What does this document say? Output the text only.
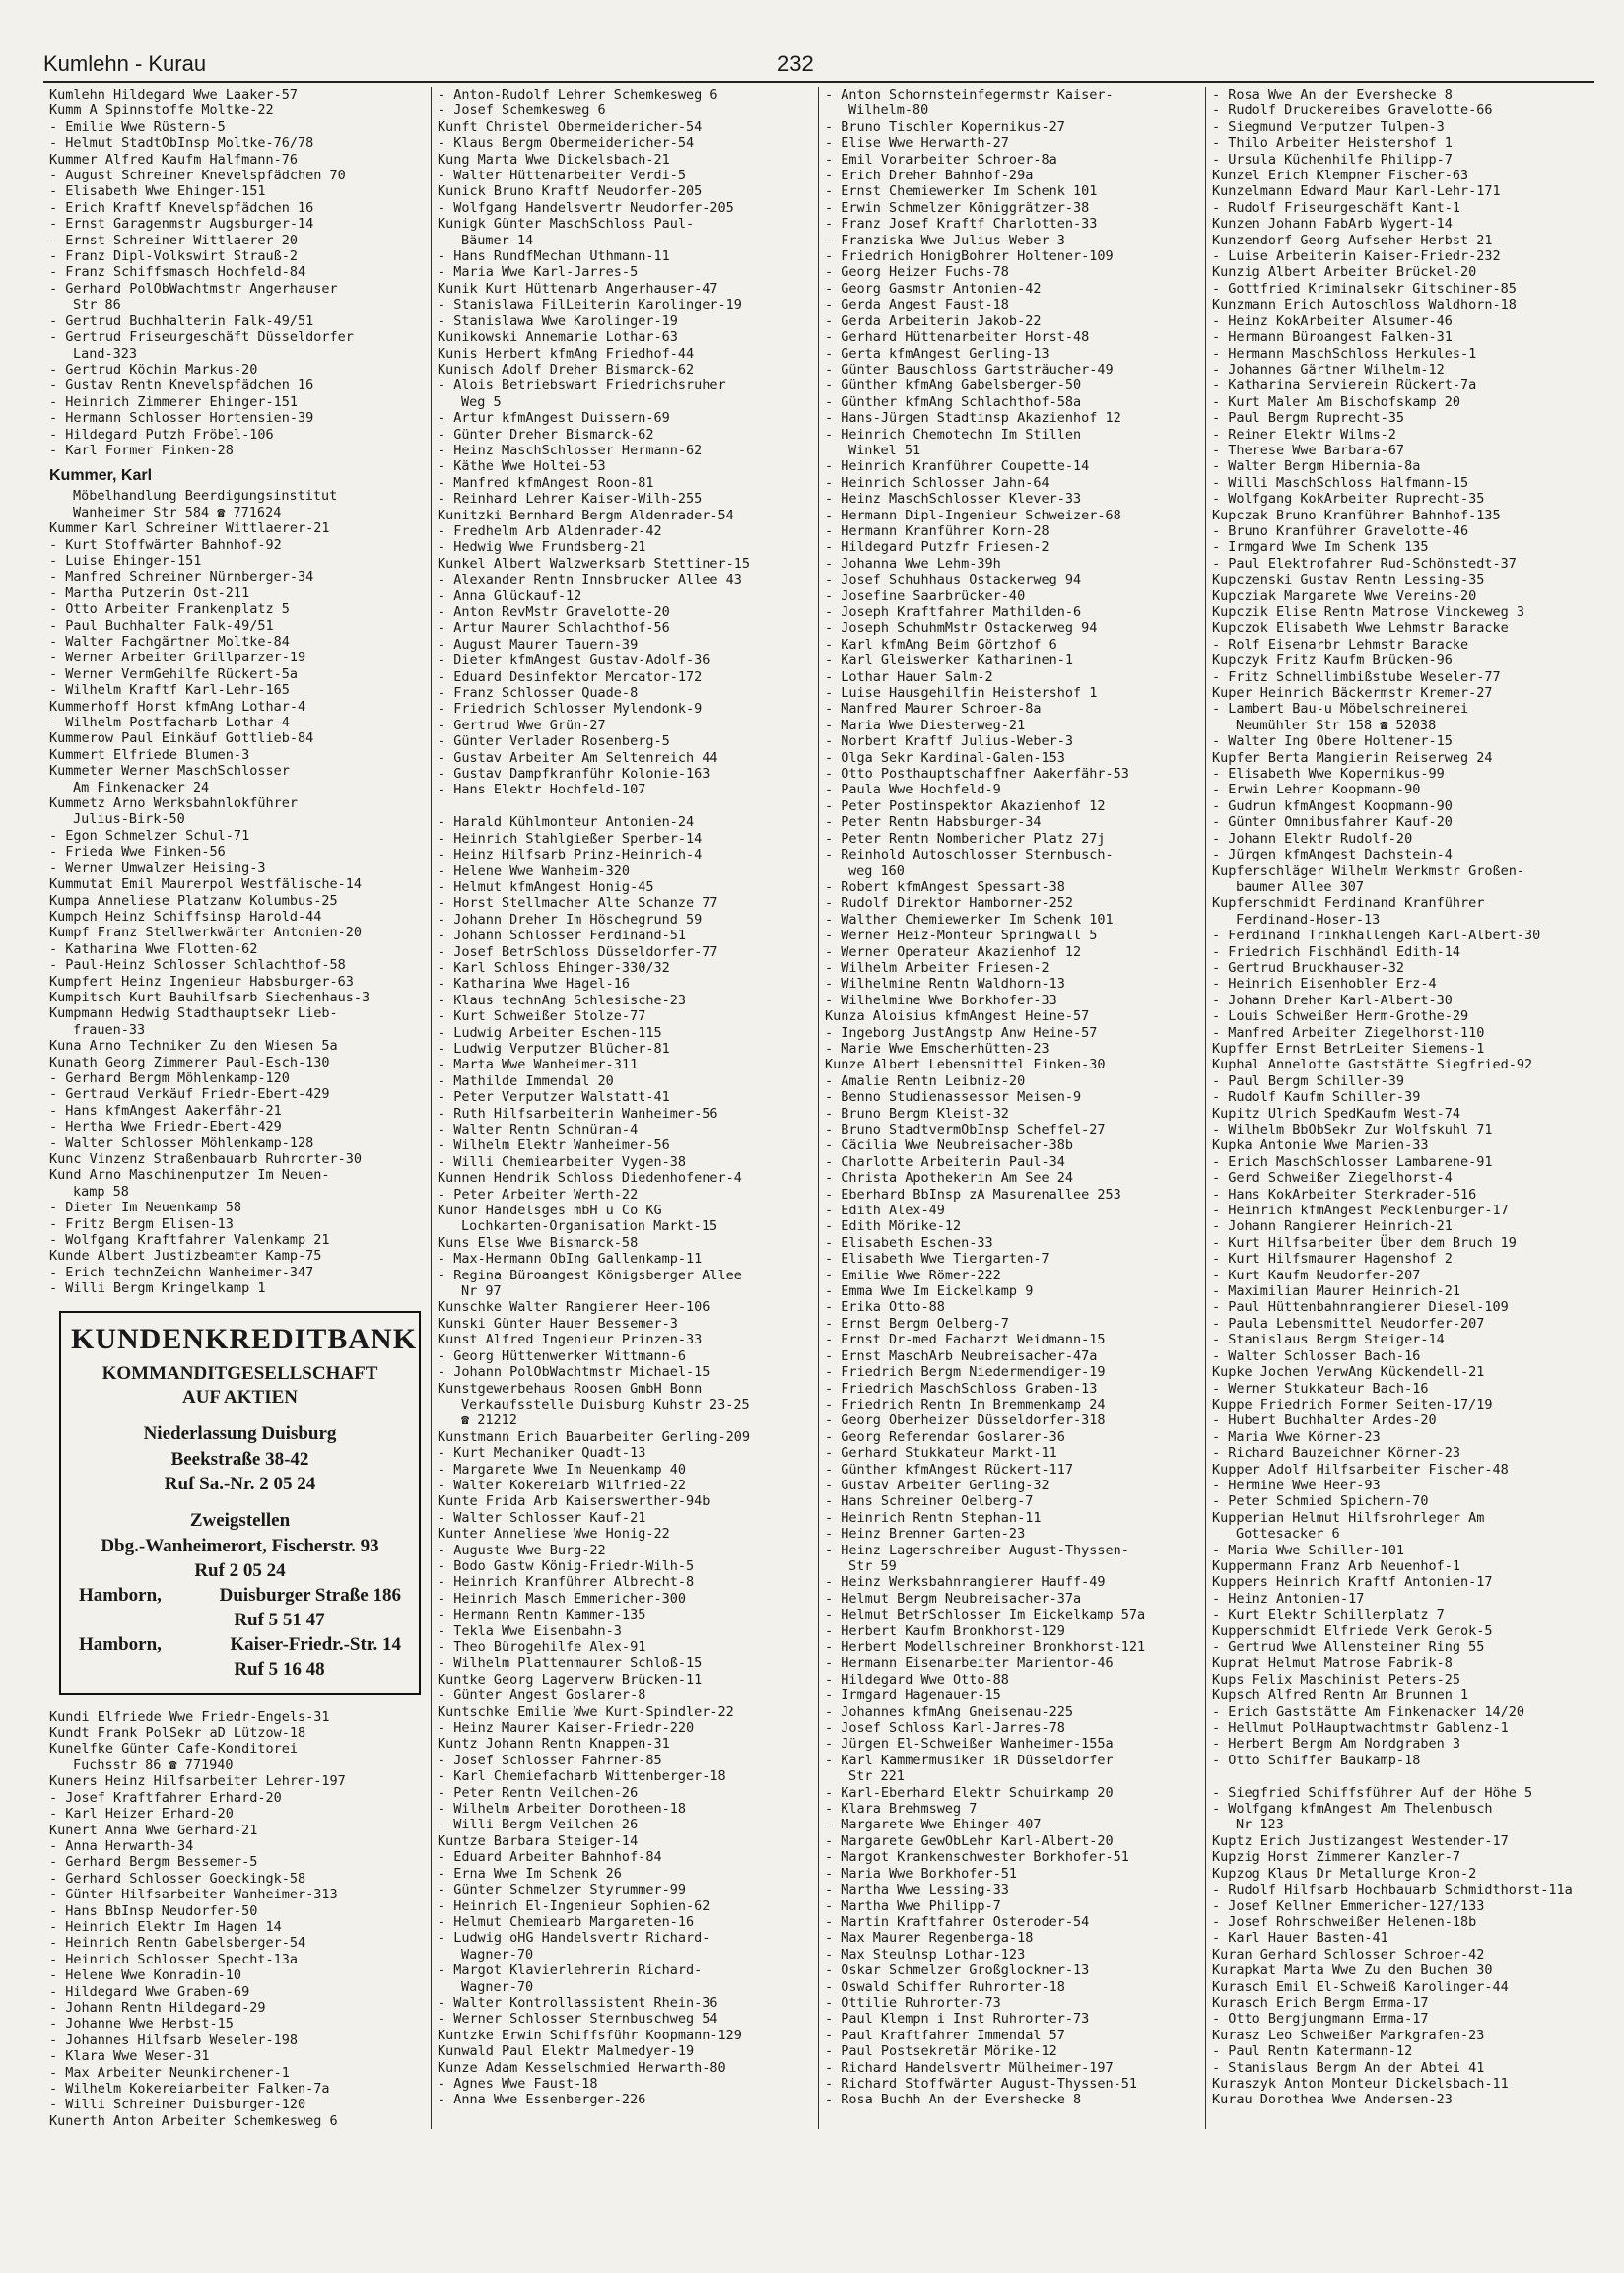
Kumlehn - Kurau	232
Kumlehn Hildegard Wwe Laaker-57
Kumm A Spinnstoffe Moltke-22
- Emilie Wwe Rüstern-5
- Helmut StadtObInsp Moltke-76/78
Kummer Alfred Kaufm Halfmann-76
- August Schreiner Knevelspfädchen 70
- Elisabeth Wwe Ehinger-151
- Erich Kraftf Knevelspfädchen 16
- Ernst Garagenmstr Augsburger-14
- Ernst Schreiner Wittlaerer-20
- Franz Dipl-Volkswirt Strauß-2
- Franz Schiffsmasch Hochfeld-84
- Gerhard PolObWachtmstr Angerhauser
Str 86
- Gertrud Buchhalterin Falk-49/51
- Gertrud Friseurgeschäft Düsseldorfer
Land-323
- Gertrud Köchin Markus-20
- Gustav Rentn Knevelspfädchen 16
- Heinrich Zimmerer Ehinger-151
- Hermann Schlosser Hortensien-39
- Hildegard Putzh Fröbel-106
- Karl Former Finken-28
Kummer, Karl
Möbelhandlung Beerdigungsinstitut
Wanheimer Str 584 ☎ 771624
Kummer Karl Schreiner Wittlaerer-21
- Kurt Stoffwärter Bahnhof-92
- Luise Ehinger-151
- Manfred Schreiner Nürnberger-34
- Martha Putzerin Ost-211
- Otto Arbeiter Frankenplatz 5
- Paul Buchhalter Falk-49/51
- Walter Fachgärtner Moltke-84
- Werner Arbeiter Grillparzer-19
- Werner VermGehilfe Rückert-5a
- Wilhelm Kraftf Karl-Lehr-165
Kummerhoff Horst kfmAng Lothar-4
- Wilhelm Postfacharb Lothar-4
Kummerow Paul Einkäuf Gottlieb-84
Kummert Elfriede Blumen-3
Kummeter Werner MaschSchlosser
Am Finkenacker 24
Kummetz Arno Werksbahnlokführer
Julius-Birk-50
- Egon Schmelzer Schul-71
- Frieda Wwe Finken-56
- Werner Umwalzer Heising-3
Kummutat Emil Maurerpol Westfälische-14
Kumpa Anneliese Platzanw Kolumbus-25
Kumpch Heinz Schiffsinsp Harold-44
Kumpf Franz Stellwerkwärter Antonien-20
- Katharina Wwe Flotten-62
- Paul-Heinz Schlosser Schlachthof-58
Kumpfert Heinz Ingenieur Habsburger-63
Kumpitsch Kurt Bauhilfsarb Siechenhaus-3
Kumpmann Hedwig Stadthauptsekr Lieb-
frauen-33
Kuna Arno Techniker Zu den Wiesen 5a
Kunath Georg Zimmerer Paul-Esch-130
- Gerhard Bergm Möhlenkamp-120
- Gertraud Verkäuf Friedr-Ebert-429
- Hans kfmAngest Aakerfähr-21
- Hertha Wwe Friedr-Ebert-429
- Walter Schlosser Möhlenkamp-128
Kunc Vinzenz Straßenbauarb Ruhrorter-30
Kund Arno Maschinenputzer Im Neuen-
kamp 58
- Dieter Im Neuenkamp 58
- Fritz Bergm Elisen-13
- Wolfgang Kraftfahrer Valenkamp 21
Kunde Albert Justizbeamter Kamp-75
- Erich technZeichn Wanheimer-347
- Willi Bergm Kringelkamp 1
KUNDENKREDITBANK
KOMMANDITGESELLSCHAFT
AUF AKTIEN
Niederlassung Duisburg
Beekstraße 38-42
Ruf Sa.-Nr. 2 05 24
Zweigstellen
Dbg.-Wanheimerort, Fischerstr. 93
Ruf 2 05 24
Hamborn,	Duisburger Straße 186
Ruf 5 51 47
Hamborn,	Kaiser-Friedr.-Str. 14
Ruf 5 16 48
Kundi Elfriede Wwe Friedr-Engels-31
Kundt Frank PolSekr aD Lützow-18
Kunelfke Günter Cafe-Konditorei
Fuchsstr 86 ☎ 771940
Kuners Heinz Hilfsarbeiter Lehrer-197
- Josef Kraftfahrer Erhard-20
- Karl Heizer Erhard-20
Kunert Anna Wwe Gerhard-21
- Anna Herwarth-34
- Gerhard Bergm Bessemer-5
- Gerhard Schlosser Goeckingk-58
- Günter Hilfsarbeiter Wanheimer-313
- Hans BbInsp Neudorfer-50
- Heinrich Elektr Im Hagen 14
- Heinrich Rentn Gabelsberger-54
- Heinrich Schlosser Specht-13a
- Helene Wwe Konradin-10
- Hildegard Wwe Graben-69
- Johann Rentn Hildegard-29
- Johanne Wwe Herbst-15
- Johannes Hilfsarb Weseler-198
- Klara Wwe Weser-31
- Max Arbeiter Neunkirchener-1
- Wilhelm Kokereiarbeiter Falken-7a
- Willi Schreiner Duisburger-120
Kunerth Anton Arbeiter Schemkesweg 6
- Anton-Rudolf Lehrer Schemkesweg 6
- Josef Schemkesweg 6
Kunft Christel Obermeidericher-54
- Klaus Bergm Obermeidericher-54
Kung Marta Wwe Dickelsbach-21
- Walter Hüttenarbeiter Verdi-5
Kunick Bruno Kraftf Neudorfer-205
- Wolfgang Handelsvertr Neudorfer-205
Kunigk Günter MaschSchloss Paul-
Bäumer-14
- Hans RundfMechan Uthmann-11
- Maria Wwe Karl-Jarres-5
Kunik Kurt Hüttenarb Angerhauser-47
- Stanislawa FilLeiterin Karolinger-19
- Stanislawa Wwe Karolinger-19
Kunikowski Annemarie Lothar-63
Kunis Herbert kfmAng Friedhof-44
Kunisch Adolf Dreher Bismarck-62
- Alois Betriebswart Friedrichsruher
Weg 5
- Artur kfmAngest Duissern-69
- Günter Dreher Bismarck-62
- Heinz MaschSchlosser Hermann-62
- Käthe Wwe Holtei-53
- Manfred kfmAngest Roon-81
- Reinhard Lehrer Kaiser-Wilh-255
Kunitzki Bernhard Bergm Aldenrader-54
- Fredhelm Arb Aldenrader-42
- Hedwig Wwe Frundsberg-21
Kunkel Albert Walzwerksarb Stettiner-15
- Alexander Rentn Innsbrucker Allee 43
- Anna Glückauf-12
- Anton RevMstr Gravelotte-20
- Artur Maurer Schlachthof-56
- August Maurer Tauern-39
- Dieter kfmAngest Gustav-Adolf-36
- Eduard Desinfektor Mercator-172
- Franz Schlosser Quade-8
- Friedrich Schlosser Mylendonk-9
- Gertrud Wwe Grün-27
- Günter Verlader Rosenberg-5
- Gustav Arbeiter Am Seltenreich 44
- Gustav Dampfkranführ Kolonie-163
- Hans Elektr Hochfeld-107

- Harald Kühlmonteur Antonien-24
- Heinrich Stahlgießer Sperber-14
- Heinz Hilfsarb Prinz-Heinrich-4
- Helene Wwe Wanheim-320
- Helmut kfmAngest Honig-45
- Horst Stellmacher Alte Schanze 77
- Johann Dreher Im Höschegrund 59
- Johann Schlosser Ferdinand-51
- Josef BetrSchloss Düsseldorfer-77
- Karl Schloss Ehinger-330/32
- Katharina Wwe Hagel-16
- Klaus technAng Schlesische-23
- Kurt Schweißer Stolze-77
- Ludwig Arbeiter Eschen-115
- Ludwig Verputzer Blücher-81
- Marta Wwe Wanheimer-311
- Mathilde Immendal 20
- Peter Verputzer Walstatt-41
- Ruth Hilfsarbeiterin Wanheimer-56
- Walter Rentn Schnüran-4
- Wilhelm Elektr Wanheimer-56
- Willi Chemiearbeiter Vygen-38
Kunnen Hendrik Schloss Diedenhofener-4
- Peter Arbeiter Werth-22
Kunor Handelsges mbH u Co KG
Lochkarten-Organisation Markt-15
Kuns Else Wwe Bismarck-58
- Max-Hermann ObIng Gallenkamp-11
- Regina Büroangest Königsberger Allee
Nr 97
Kunschke Walter Rangierer Heer-106
Kunski Günter Hauer Bessemer-3
Kunst Alfred Ingenieur Prinzen-33
- Georg Hüttenwerker Wittmann-6
- Johann PolObWachtmstr Michael-15
Kunstgewerbehaus Roosen GmbH Bonn
Verkaufsstelle Duisburg Kuhstr 23-25
☎ 21212
Kunstmann Erich Bauarbeiter Gerling-209
- Kurt Mechaniker Quadt-13
- Margarete Wwe Im Neuenkamp 40
- Walter Kokereiarb Wilfried-22
Kunte Frida Arb Kaiserswerther-94b
- Walter Schlosser Kauf-21
Kunter Anneliese Wwe Honig-22
- Auguste Wwe Burg-22
- Bodo Gastw König-Friedr-Wilh-5
- Heinrich Kranführer Albrecht-8
- Heinrich Masch Emmericher-300
- Hermann Rentn Kammer-135
- Tekla Wwe Eisenbahn-3
- Theo Bürogehilfe Alex-91
- Wilhelm Plattenmaurer Schloß-15
Kuntke Georg Lagerverw Brücken-11
- Günter Angest Goslarer-8
Kuntschke Emilie Wwe Kurt-Spindler-22
- Heinz Maurer Kaiser-Friedr-220
Kuntz Johann Rentn Knappen-31
- Josef Schlosser Fahrner-85
- Karl Chemiefacharb Wittenberger-18
- Peter Rentn Veilchen-26
- Wilhelm Arbeiter Dorotheen-18
- Willi Bergm Veilchen-26
Kuntze Barbara Steiger-14
- Eduard Arbeiter Bahnhof-84
- Erna Wwe Im Schenk 26
- Günter Schmelzer Styrummer-99
- Heinrich El-Ingenieur Sophien-62
- Helmut Chemiearb Margareten-16
- Ludwig oHG Handelsvertr Richard-
Wagner-70
- Margot Klavierlehrerin Richard-
Wagner-70
- Walter Kontrollassistent Rhein-36
- Werner Schlosser Sternbuschweg 54
Kuntzke Erwin Schiffsführ Koopmann-129
Kunwald Paul Elektr Malmedyer-19
Kunze Adam Kesselschmied Herwarth-80
- Agnes Wwe Faust-18
- Anna Wwe Essenberger-226
- Anton Schornsteinfegermstr Kaiser-
Wilhelm-80
- Bruno Tischler Kopernikus-27
- Elise Wwe Herwarth-27
- Emil Vorarbeiter Schroer-8a
- Erich Dreher Bahnhof-29a
- Ernst Chemiewerker Im Schenk 101
- Erwin Schmelzer Königgrätzer-38
- Franz Josef Kraftf Charlotten-33
- Franziska Wwe Julius-Weber-3
- Friedrich HonigBohrer Holtener-109
- Georg Heizer Fuchs-78
- Georg Gasmstr Antonien-42
- Gerda Angest Faust-18
- Gerda Arbeiterin Jakob-22
- Gerhard Hüttenarbeiter Horst-48
- Gerta kfmAngest Gerling-13
- Günter Bauschloss Gartsträucher-49
- Günther kfmAng Gabelsberger-50
- Günther kfmAng Schlachthof-58a
- Hans-Jürgen Stadtinsp Akazienhof 12
- Heinrich Chemotechn Im Stillen
Winkel 51
- Heinrich Kranführer Coupette-14
- Heinrich Schlosser Jahn-64
- Heinz MaschSchlosser Klever-33
- Hermann Dipl-Ingenieur Schweizer-68
- Hermann Kranführer Korn-28
- Hildegard Putzfr Friesen-2
- Johanna Wwe Lehm-39h
- Josef Schuhhaus Ostackerweg 94
- Josefine Saarbrücker-40
- Joseph Kraftfahrer Mathilden-6
- Joseph SchuhmMstr Ostackerweg 94
- Karl kfmAng Beim Görtzhof 6
- Karl Gleiswerker Katharinen-1
- Lothar Hauer Salm-2
- Luise Hausgehilfin Heistershof 1
- Manfred Maurer Schroer-8a
- Maria Wwe Diesterweg-21
- Norbert Kraftf Julius-Weber-3
- Olga Sekr Kardinal-Galen-153
- Otto Posthauptschaffner Aakerfähr-53
- Paula Wwe Hochfeld-9
- Peter Postinspektor Akazienhof 12
- Peter Rentn Habsburger-34
- Peter Rentn Nombericher Platz 27j
- Reinhold Autoschlosser Sternbusch-
weg 160
- Robert kfmAngest Spessart-38
- Rudolf Direktor Hamborner-252
- Walther Chemiewerker Im Schenk 101
- Werner Heiz-Monteur Springwall 5
- Werner Operateur Akazienhof 12
- Wilhelm Arbeiter Friesen-2
- Wilhelmine Rentn Waldhorn-13
- Wilhelmine Wwe Borkhofer-33
Kunza Aloisius kfmAngest Heine-57
- Ingeborg JustAngstp Anw Heine-57
- Marie Wwe Emscherhütten-23
Kunze Albert Lebensmittel Finken-30
- Amalie Rentn Leibniz-20
- Benno Studienassessor Meisen-9
- Bruno Bergm Kleist-32
- Bruno StadtvermObInsp Scheffel-27
- Cäcilia Wwe Neubreisacher-38b
- Charlotte Arbeiterin Paul-34
- Christa Apothekerin Am See 24
- Eberhard BbInsp zA Masurenallee 253
- Edith Alex-49
- Edith Mörike-12
- Elisabeth Eschen-33
- Elisabeth Wwe Tiergarten-7
- Emilie Wwe Römer-222
- Emma Wwe Im Eickelkamp 9
- Erika Otto-88
- Ernst Bergm Oelberg-7
- Ernst Dr-med Facharzt Weidmann-15
- Ernst MaschArb Neubreisacher-47a
- Friedrich Bergm Niedermendiger-19
- Friedrich MaschSchloss Graben-13
- Friedrich Rentn Im Bremmenkamp 24
- Georg Oberheizer Düsseldorfer-318
- Georg Referendar Goslarer-36
- Gerhard Stukkateur Markt-11
- Günther kfmAngest Rückert-117
- Gustav Arbeiter Gerling-32
- Hans Schreiner Oelberg-7
- Heinrich Rentn Stephan-11
- Heinz Brenner Garten-23
- Heinz Lagerschreiber August-Thyssen-
Str 59
- Heinz Werksbahnrangierer Hauff-49
- Helmut Bergm Neubreisacher-37a
- Helmut BetrSchlosser Im Eickelkamp 57a
- Herbert Kaufm Bronkhorst-129
- Herbert Modellschreiner Bronkhorst-121
- Hermann Eisenarbeiter Marientor-46
- Hildegard Wwe Otto-88
- Irmgard Hagenauer-15
- Johannes kfmAng Gneisenau-225
- Josef Schloss Karl-Jarres-78
- Jürgen El-Schweißer Wanheimer-155a
- Karl Kammermusiker iR Düsseldorfer
Str 221
- Karl-Eberhard Elektr Schuirkamp 20
- Klara Brehmsweg 7
- Margarete Wwe Ehinger-407
- Margarete GewObLehr Karl-Albert-20
- Margot Krankenschwester Borkhofer-51
- Maria Wwe Borkhofer-51
- Martha Wwe Lessing-33
- Martha Wwe Philipp-7
- Martin Kraftfahrer Osteroder-54
- Max Maurer Regenberga-18
- Max Steulnsp Lothar-123
- Oskar Schmelzer Großglockner-13
- Oswald Schiffer Ruhrorter-18
- Ottilie Ruhrorter-73
- Paul Klempn i Inst Ruhrorter-73
- Paul Kraftfahrer Immendal 57
- Paul Postsekretär Mörike-12
- Richard Handelsvertr Mülheimer-197
- Richard Stoffwärter August-Thyssen-51
- Rosa Buchh An der Evershecke 8
- Rosa Wwe An der Evershecke 8
- Rudolf Druckereibes Gravelotte-66
- Siegmund Verputzer Tulpen-3
- Thilo Arbeiter Heistershof 1
- Ursula Küchenhilfe Philipp-7
Kunzel Erich Klempner Fischer-63
Kunzelmann Edward Maur Karl-Lehr-171
- Rudolf Friseurgeschäft Kant-1
Kunzen Johann FabArb Wygert-14
Kunzendorf Georg Aufseher Herbst-21
- Luise Arbeiterin Kaiser-Friedr-232
Kunzig Albert Arbeiter Brückel-20
- Gottfried Kriminalsekr Gitschiner-85
Kunzmann Erich Autoschloss Waldhorn-18
- Heinz KokArbeiter Alsumer-46
- Hermann Büroangest Falken-31
- Hermann MaschSchloss Herkules-1
- Johannes Gärtner Wilhelm-12
- Katharina Servierein Rückert-7a
- Kurt Maler Am Bischofskamp 20
- Paul Bergm Ruprecht-35
- Reiner Elektr Wilms-2
- Therese Wwe Barbara-67
- Walter Bergm Hibernia-8a
- Willi MaschSchloss Halfmann-15
- Wolfgang KokArbeiter Ruprecht-35
Kupczak Bruno Kranführer Bahnhof-135
- Bruno Kranführer Gravelotte-46
- Irmgard Wwe Im Schenk 135
- Paul Elektrofahrer Rud-Schönstedt-37
Kupczenski Gustav Rentn Lessing-35
Kupcziak Margarete Wwe Vereins-20
Kupczik Elise Rentn Matrose Vinckeweg 3
Kupczok Elisabeth Wwe Lehmstr Baracke
- Rolf Eisenarbr Lehmstr Baracke
Kupczyk Fritz Kaufm Brücken-96
- Fritz Schnellimbißstube Weseler-77
Kuper Heinrich Bäckermstr Kremer-27
- Lambert Bau-u Möbelschreinerei
Neumühler Str 158 ☎ 52038
- Walter Ing Obere Holtener-15
Kupfer Berta Mangierin Reiserweg 24
- Elisabeth Wwe Kopernikus-99
- Erwin Lehrer Koopmann-90
- Gudrun kfmAngest Koopmann-90
- Günter Omnibusfahrer Kauf-20
- Johann Elektr Rudolf-20
- Jürgen kfmAngest Dachstein-4
Kupferschläger Wilhelm Werkmstr Großen-
baumer Allee 307
Kupferschmidt Ferdinand Kranführer
Ferdinand-Hoser-13
- Ferdinand Trinkhallengeh Karl-Albert-30
- Friedrich Fischhändl Edith-14
- Gertrud Bruckhauser-32
- Heinrich Eisenhobler Erz-4
- Johann Dreher Karl-Albert-30
- Louis Schweißer Herm-Grothe-29
- Manfred Arbeiter Ziegelhorst-110
Kupffer Ernst BetrLeiter Siemens-1
Kuphal Annelotte Gaststätte Siegfried-92
- Paul Bergm Schiller-39
- Rudolf Kaufm Schiller-39
Kupitz Ulrich SpedKaufm West-74
- Wilhelm BbObSekr Zur Wolfskuhl 71
Kupka Antonie Wwe Marien-33
- Erich MaschSchlosser Lambarene-91
- Gerd Schweißer Ziegelhorst-4
- Hans KokArbeiter Sterkrader-516
- Heinrich kfmAngest Mecklenburger-17
- Johann Rangierer Heinrich-21
- Kurt Hilfsarbeiter Über dem Bruch 19
- Kurt Hilfsmaurer Hagenshof 2
- Kurt Kaufm Neudorfer-207
- Maximilian Maurer Heinrich-21
- Paul Hüttenbahnrangierer Diesel-109
- Paula Lebensmittel Neudorfer-207
- Stanislaus Bergm Steiger-14
- Walter Schlosser Bach-16
Kupke Jochen VerwAng Kückendell-21
- Werner Stukkateur Bach-16
Kuppe Friedrich Former Seiten-17/19
- Hubert Buchhalter Ardes-20
- Maria Wwe Körner-23
- Richard Bauzeichner Körner-23
Kupper Adolf Hilfsarbeiter Fischer-48
- Hermine Wwe Heer-93
- Peter Schmied Spichern-70
Kupperian Helmut Hilfsrohrleger Am
Gottesacker 6
- Maria Wwe Schiller-101
Kuppermann Franz Arb Neuenhof-1
Kuppers Heinrich Kraftf Antonien-17
- Heinz Antonien-17
- Kurt Elektr Schillerplatz 7
Kupperschmidt Elfriede Verk Gerok-5
- Gertrud Wwe Allensteiner Ring 55
Kuprat Helmut Matrose Fabrik-8
Kups Felix Maschinist Peters-25
Kupsch Alfred Rentn Am Brunnen 1
- Erich Gaststätte Am Finkenacker 14/20
- Hellmut PolHauptwachtmstr Gablenz-1
- Herbert Bergm Am Nordgraben 3
- Otto Schiffer Baukamp-18

- Siegfried Schiffsführer Auf der Höhe 5
- Wolfgang kfmAngest Am Thelenbusch
Nr 123
Kuptz Erich Justizangest Westender-17
Kupzig Horst Zimmerer Kanzler-7
Kupzog Klaus Dr Metallurge Kron-2
- Rudolf Hilfsarb Hochbauarb Schmidthorst-11a
- Josef Kellner Emmericher-127/133
- Josef Rohrschweißer Helenen-18b
- Karl Hauer Basten-41
Kuran Gerhard Schlosser Schroer-42
Kurapkat Marta Wwe Zu den Buchen 30
Kurasch Emil El-Schweiß Karolinger-44
Kurasch Erich Bergm Emma-17
- Otto Bergjungmann Emma-17
Kurasz Leo Schweißer Markgrafen-23
- Paul Rentn Katermann-12
- Stanislaus Bergm An der Abtei 41
Kuraszyk Anton Monteur Dickelsbach-11
Kurau Dorothea Wwe Andersen-23
